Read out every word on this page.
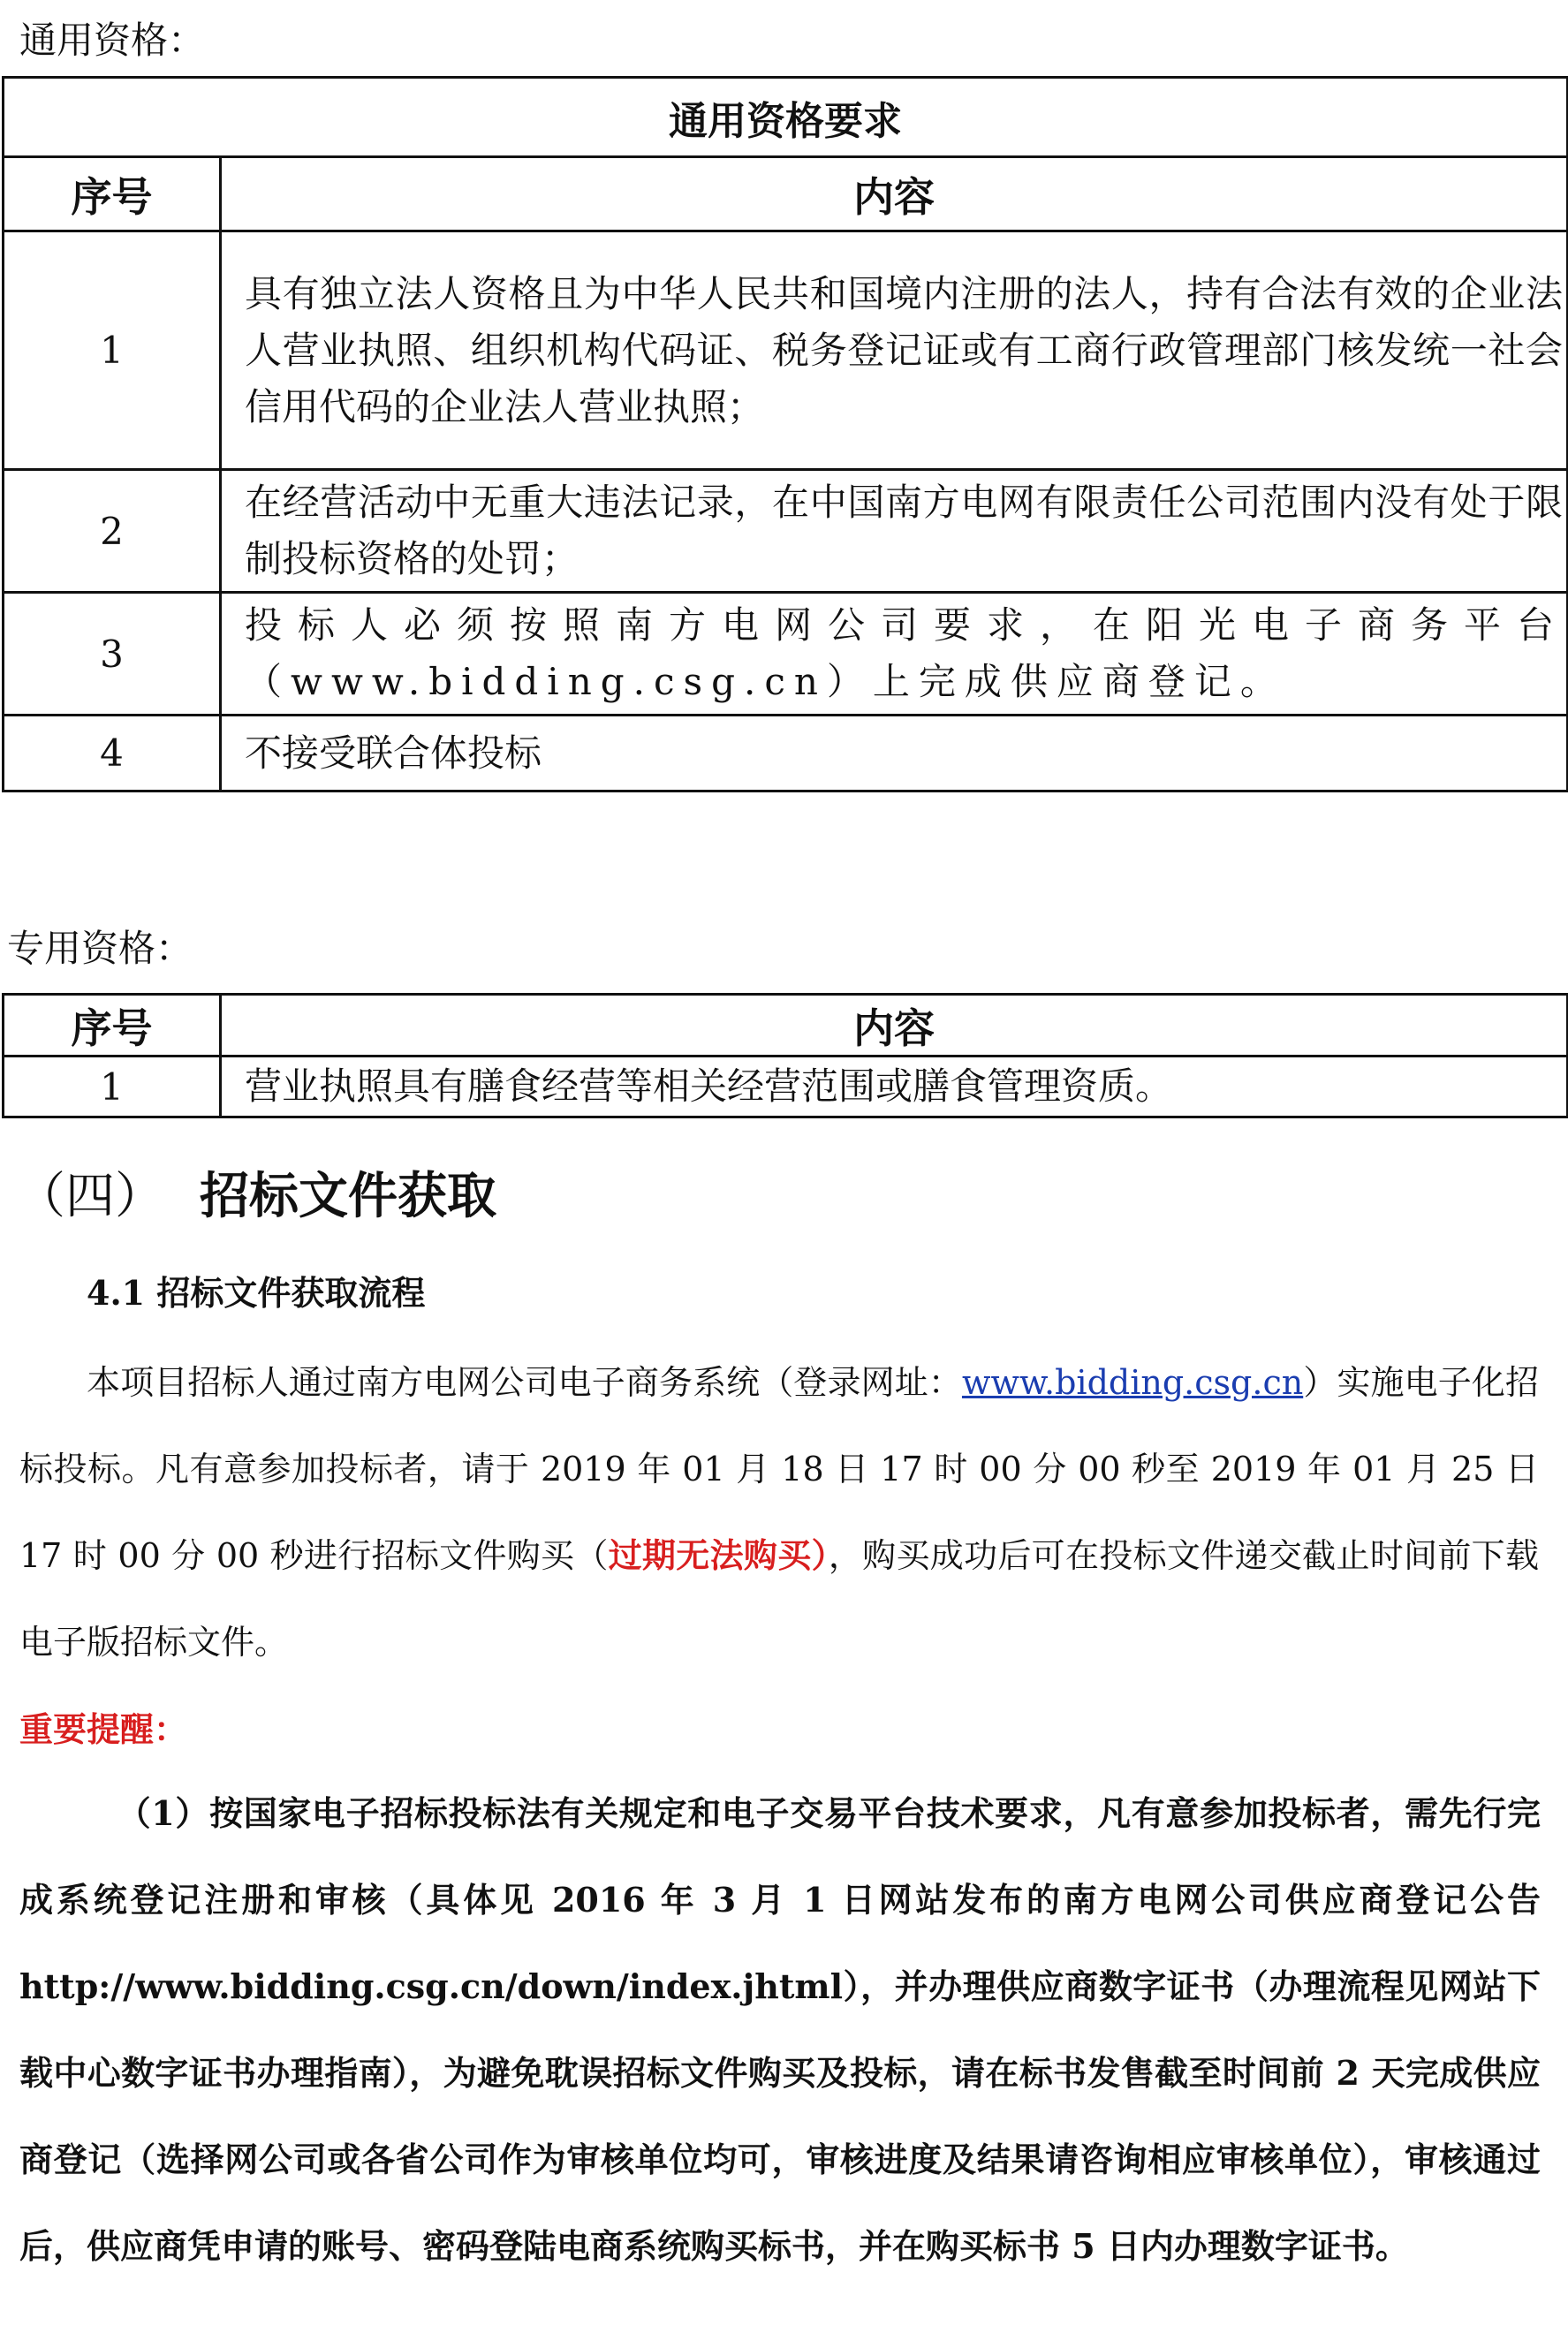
通用资格：
通用资格要求	
序号	内容
1	具有独立法人资格且为中华人民共和国境内注册的法人，持有合法有效的企业法人营业执照、组织机构代码证、税务登记证或有工商行政管理部门核发统一社会信用代码的企业法人营业执照；
2	在经营活动中无重大违法记录，在中国南方电网有限责任公司范围内没有处于限制投标资格的处罚；
3	投标人必须按照南方电网公司要求，在阳光电子商务平台（www.bidding.csg.cn）上完成供应商登记。
4	不接受联合体投标
专用资格：
序号	内容
1	营业执照具有膳食经营等相关经营范围或膳食管理资质。
（四） 招标文件获取
4.1 招标文件获取流程

本项目招标人通过南方电网公司电子商务系统（登录网址：www.bidding.csg.cn）实施电子化招标投标。凡有意参加投标者，请于 2019 年 01 月 18 日 17 时 00 分 00 秒至 2019 年 01 月 25 日 17 时 00 分 00 秒进行招标文件购买（过期无法购买），购买成功后可在投标文件递交截止时间前下载电子版招标文件。

重要提醒：

（1）按国家电子招标投标法有关规定和电子交易平台技术要求，凡有意参加投标者，需先行完成系统登记注册和审核（具体见 2016 年 3 月 1 日网站发布的南方电网公司供应商登记公告 http://www.bidding.csg.cn/down/index.jhtml），并办理供应商数字证书（办理流程见网站下载中心数字证书办理指南），为避免耽误招标文件购买及投标，请在标书发售截至时间前 2 天完成供应商登记（选择网公司或各省公司作为审核单位均可，审核进度及结果请咨询相应审核单位），审核通过后，供应商凭申请的账号、密码登陆电商系统购买标书，并在购买标书 5 日内办理数字证书。
